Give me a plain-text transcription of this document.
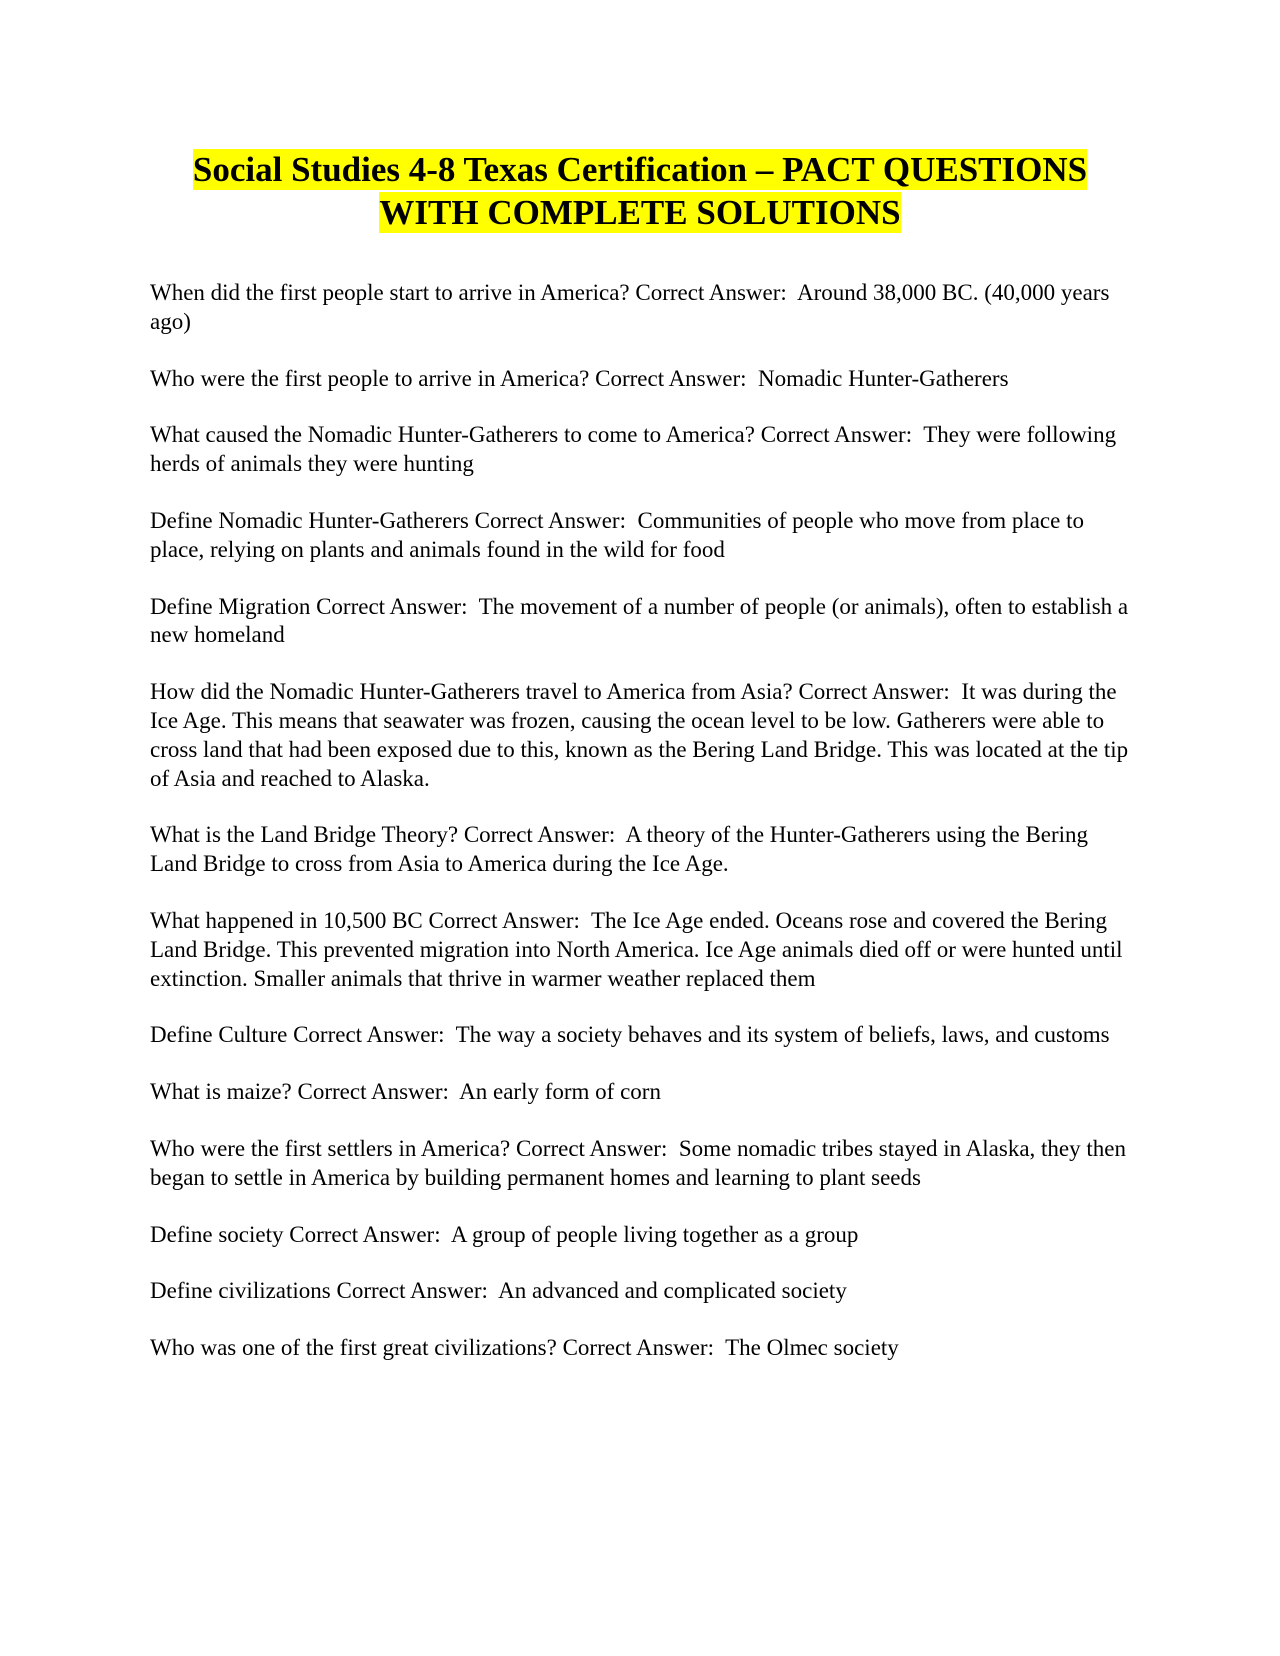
Social Studies 4-8 Texas Certification – PACT QUESTIONS
WITH COMPLETE SOLUTIONS
When did the first people start to arrive in America? Correct Answer: Around 38,000 BC. (40,000 years ago)
Who were the first people to arrive in America? Correct Answer: Nomadic Hunter-Gatherers
What caused the Nomadic Hunter-Gatherers to come to America? Correct Answer: They were following herds of animals they were hunting
Define Nomadic Hunter-Gatherers Correct Answer: Communities of people who move from place to place, relying on plants and animals found in the wild for food
Define Migration Correct Answer: The movement of a number of people (or animals), often to establish a new homeland
How did the Nomadic Hunter-Gatherers travel to America from Asia? Correct Answer: It was during the Ice Age. This means that seawater was frozen, causing the ocean level to be low. Gatherers were able to cross land that had been exposed due to this, known as the Bering Land Bridge. This was located at the tip of Asia and reached to Alaska.
What is the Land Bridge Theory? Correct Answer: A theory of the Hunter-Gatherers using the Bering Land Bridge to cross from Asia to America during the Ice Age.
What happened in 10,500 BC Correct Answer: The Ice Age ended. Oceans rose and covered the Bering Land Bridge. This prevented migration into North America. Ice Age animals died off or were hunted until extinction. Smaller animals that thrive in warmer weather replaced them
Define Culture Correct Answer: The way a society behaves and its system of beliefs, laws, and customs
What is maize? Correct Answer: An early form of corn
Who were the first settlers in America? Correct Answer: Some nomadic tribes stayed in Alaska, they then began to settle in America by building permanent homes and learning to plant seeds
Define society Correct Answer: A group of people living together as a group
Define civilizations Correct Answer: An advanced and complicated society
Who was one of the first great civilizations? Correct Answer: The Olmec society
